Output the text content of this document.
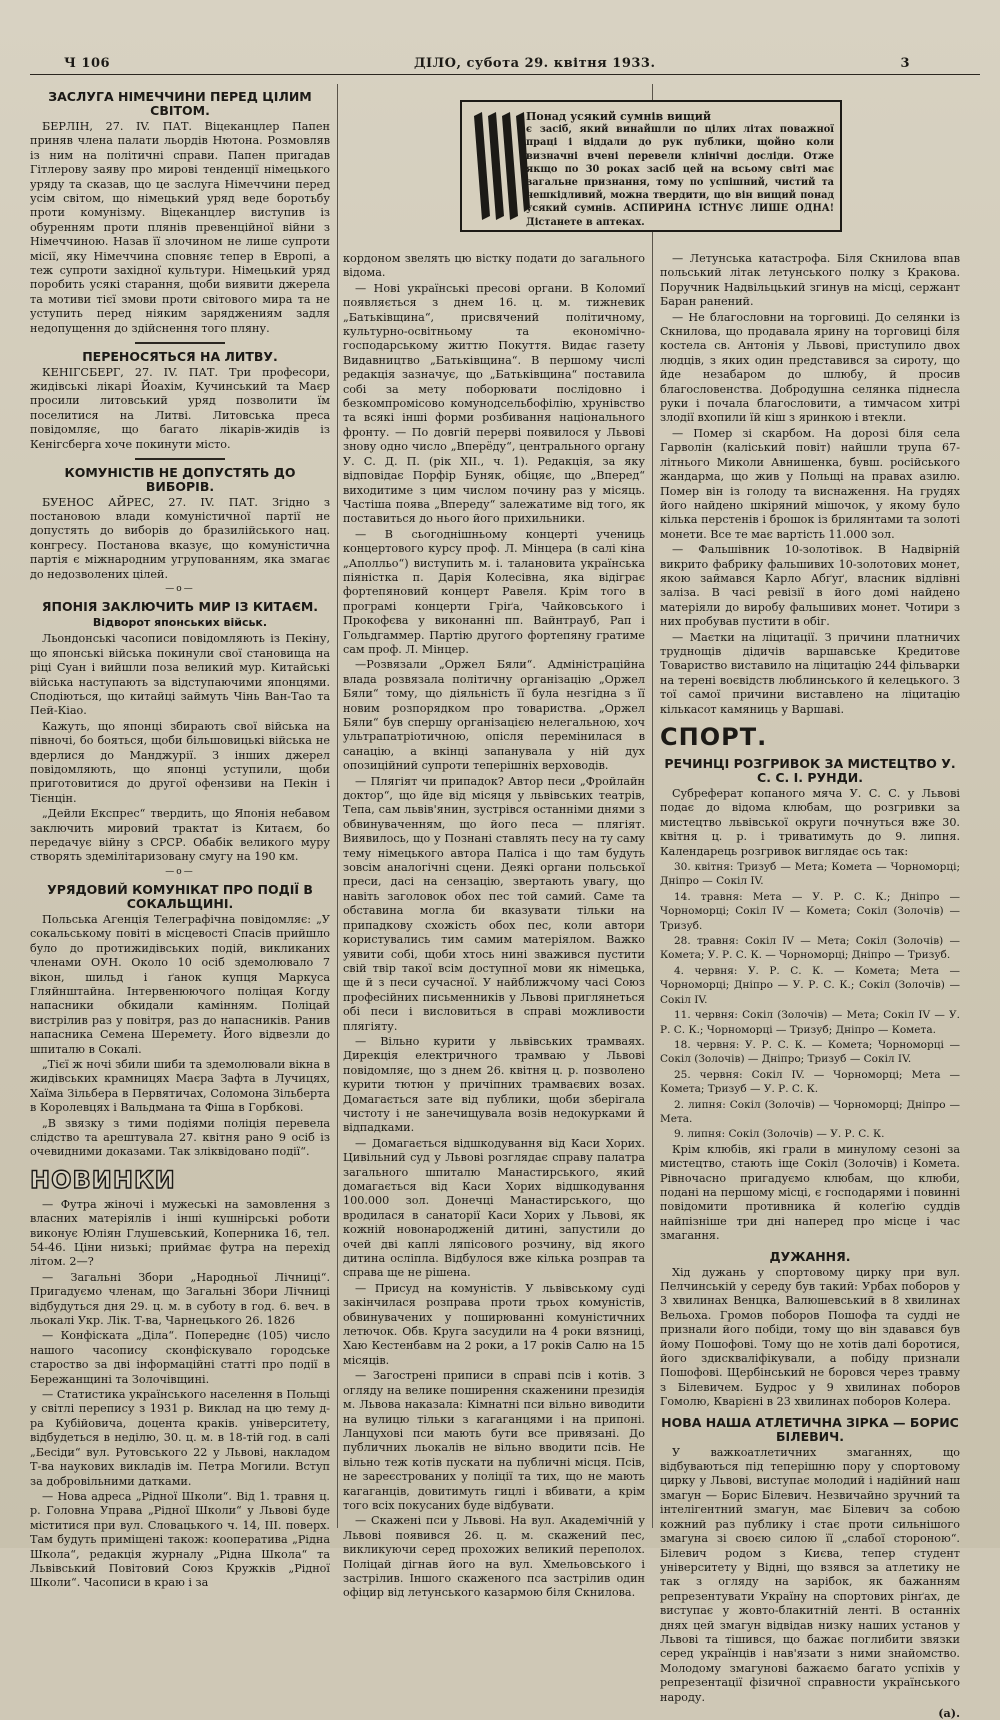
Ч 106	ДІЛО, субота 29. квітня 1933.	3
ЗАСЛУГА НІМЕЧЧИНИ ПЕРЕД ЦІЛИМ СВІТОМ.

БЕРЛІН, 27. IV. ПАТ. Віцеканцлер Папен приняв члена палати льордів Нютона. Розмовляв із ним на політичні справи. Папен пригадав Гітлерову заяву про мирові тенденції німецького уряду та сказав, що це заслуга Німеччини перед усім світом, що німецький уряд веде боротьбу проти комунізму. Віцеканцлер виступив із обуренням проти плянів превенційної війни з Німеччиною. Назав її злочином не лише супроти місії, яку Німеччина сповняє тепер в Европі, а теж супроти західної культури. Німецький уряд поробить усякі старання, щоби виявити джерела та мотиви тієї змови проти світового мира та не уступить перед ніяким заряджениям задля недопущення до здійснення того пляну.

ПЕРЕНОСЯТЬСЯ НА ЛИТВУ.

КЕНІГСБЕРГ, 27. IV. ПАТ. Три професори, жидівські лікарі Йоахім, Кучинський та Маєр просили литовський уряд позволити їм поселитися на Литві. Литовська преса повідомляє, що багато лікарів-жидів із Кенігсберга хоче покинути місто.

КОМУНІСТІВ НЕ ДОПУСТЯТЬ ДО ВИБОРІВ.

БУЕНОС АЙРЕС, 27. IV. ПАТ. Згідно з постановою влади комуністичної партії не допустять до виборів до бразилійського нац. конгресу. Постанова вказує, що комуністична партія є міжнародним угрупованням, яка змагає до недозволених цілей.

—o—
ЯПОНІЯ ЗАКЛЮЧИТЬ МИР ІЗ КИТАЄМ.
Відворот японських військ.

Льондонські часописи повідомляють із Пекіну, що японські війська покинули свої становища на ріці Суан і вийшли поза великий мур. Китайські війська наступають за відступаючими японцями. Сподіються, що китайці займуть Чінь Ван-Тао та Пей-Кіао.

Кажуть, що японці збирають свої війська на півночі, бо бояться, щоби більшовицькі війська не вдерлися до Манджурії. З інших джерел повідомляють, що японці уступили, щоби приготовитися до другої офензиви на Пекін і Тієнцін.

„Дейли Експрес“ твердить, що Японія небавом заключить мировий трактат із Китаєм, бо передачує війну з СРСР. Обабік великого муру створять здемілітаризовану смугу на 190 км.

—o—
УРЯДОВИЙ КОМУНІКАТ ПРО ПОДІЇ В СОКАЛЬЩИНІ.

Польська Агенція Телеграфічна повідомляє: „У сокальському повіті в місцевості Спасів прийшло було до протижидівських подій, викликаних членами ОУН. Около 10 осіб здемолювало 7 вікон, шильд і ґанок купця Маркуса Гляйнштайна. Інтервенюючого поліцая Когду напасники обкидали камінням. Поліцай вистрілив раз у повітря, раз до напасників. Ранив напасника Семена Шеремету. Його відвезли до шпиталю в Сокалі.

„Тієї ж ночі збили шиби та здемолювали вікна в жидівських крамницях Маєра Зафта в Лучицях, Хаїма Зільбера в Первятичах, Соломона Зільберта в Королевцях і Вальдмана та Фіша в Горбкові.

„В звязку з тими подіями поліція перевела слідство та арештувала 27. квітня рано 9 осіб із очевидними доказами. Так зліквідовано події“.

НОВИНКИ

— Футра жіночі і мужеські на замовлення з власних матеріялів і інші кушнірські роботи виконує Юліян Глушевський, Коперника 16, тел. 54-46. Ціни низькі; приймає футра на перехід літом. 2—?

— Загальні Збори „Народньої Лічниці“. Пригадуємо членам, що Загальні Збори Лічниці відбудуться дня 29. ц. м. в суботу в год. 6. веч. в льокалі Укр. Лік. Т-ва, Чарнецького 26. 1826

— Конфіската „Діла“. Попереднє (105) число нашого часопису сконфіскувало городське староство за дві інформаційні статті про події в Бережанщині та Золочівщині.

— Статистика українського населення в Польщі у світлі перепису з 1931 р. Виклад на цю тему д-ра Кубійовича, доцента краків. університету, відбудеться в неділю, 30. ц. м. в 18-тій год. в салі „Бесіди“ вул. Рутовського 22 у Львові, накладом Т-ва наукових викладів ім. Петра Могили. Вступ за добровільними датками.

— Нова адреса „Рідної Школи“. Від 1. травня ц. р. Головна Управа „Рідної Школи“ у Львові буде міститися при вул. Словацького ч. 14, III. поверх. Там будуть приміщені також: кооператива „Рідна Школа“, редакція журналу „Рідна Школа“ та Львівський Повітовий Союз Кружків „Рідної Школи“. Часописи в краю і за

Понад усякий сумнів вищий
є засіб, який винайшли по цілих літах поважної праці і віддали до рук публики, щойно коли визначні вчені перевели клінічні досліди. Отже якщо по 30 роках засіб цей на всьому світі має загальне признання, тому по успішний, чистий та нешкідливий, можна твердити, що він вищий понад усякий сумнів. АСПИРИНА ІСТНУЄ ЛИШЕ ОДНА! Дістанете в аптеках.

кордоном звелять цю вістку подати до загального відома.

— Нові українські пресові органи. В Коломиї появляється з днем 16. ц. м. тижневик „Батьківщина“, присвячений політичному, культурно-освітньому та економічно-господарському життю Покуття. Видає газету Видавництво „Батьківщина“. В першому числі редакція зазначує, що „Батьківщина“ поставила собі за мету поборювати послідовно і безкомпромісово комунодсельбофілію, хрунівство та всякі інші форми розбивання національного фронту. — По довгій перерві появилося у Львові знову одно число „Вперёду“, центрального органу У. С. Д. П. (рік XII., ч. 1). Редакція, за яку відповідає Порфір Буняк, обіцяє, що „Вперед“ виходитиме з цим числом почину раз у місяць. Частіша поява „Впереду“ залежатиме від того, як поставиться до нього його прихильники.

— В сьогоднішньому концерті учениць концертового курсу проф. Л. Мінцера (в салі кіна „Аполльо“) виступить м. і. талановита українська піяністка п. Дарія Колесівна, яка відіграє фортепяновий концерт Равеля. Крім того в програмі концерти Гріґа, Чайковського і Прокофєва у виконанні пп. Вайнтрауб, Рап і Гольдгаммер. Партію другого фортепяну гратиме сам проф. Л. Мінцер.

—Розвязали „Оржел Бяли“. Адміністраційна влада розвязала політичну організацію „Оржел Бяли“ тому, що діяльність її була незгідна з її новим розпорядком про товариства. „Оржел Бяли“ був спершу організацією нелегальною, хоч ультрапатріотичною, опісля перемінилася в санацію, а вкінці запанувала у ній дух опозиційний супроти теперішніх верховодів.

— Плягіят чи припадок? Автор песи „Фройлайн доктор“, що йде від місяця у львівських театрів, Тепа, сам львів'янин, зустрівся останніми днями з обвинуваченням, що його песа — плягіят. Виявилось, що у Познані ставлять песу на ту саму тему німецького автора Паліса і що там будуть зовсім аналогічні сцени. Деякі органи польської преси, дасі на сензацію, звертають увагу, що навіть заголовок обох пес той самий. Саме та обставина могла би вказувати тільки на припадкову схожість обох пес, коли автори користувались тим самим матеріялом. Важко уявити собі, щоби хтось нині зважився пустити свій твір такої всім доступної мови як німецька, ще й з песи сучасної. У найближчому часі Союз професійних письменників у Львові приглянеться обі песи і висловиться в справі можливости плягіяту.

— Вільно курити у львівських трамваях. Дирекція електричного трамваю у Львові повідомляє, що з днем 26. квітня ц. р. позволено курити тютюн у причіпних трамваєвих возах. Домагається зате від публики, щоби зберігала чистоту і не занечищувала возів недокурками й відпадками.

— Домагається відшкодування від Каси Хорих. Цивільний суд у Львові розглядає справу палатра загального шпиталю Манастирського, який домагається від Каси Хорих відшкодування 100.000 зол. Донечці Манастирського, що вродилася в санаторії Каси Хорих у Львові, як кожній новонародженій дитині, запустили до очей дві каплі ляпісового розчину, від якого дитина осліпла. Відбулося вже кілька розправ та справа ще не рішена.

— Присуд на комуністів. У львівському суді закінчилася розправа проти трьох комуністів, обвинувачених у поширюванні комуністичних летючок. Обв. Круга засудили на 4 роки вязниці, Хаю Кестенбавм на 2 роки, а 17 років Салю на 15 місяців.

— Загострені приписи в справі псів і котів. З огляду на велике поширення скаженини президія м. Львова наказала: Кімнатні пси вільно виводити на вулицю тільки з кагаганцями і на припоні. Ланцухові пси мають бути все привязані. До публичних льокалів не вільно вводити псів. Не вільно теж котів пускати на публичні місця. Псів, не зареєстрованих у поліції та тих, що не мають кагаганців, довитимуть гицлі і вбивати, а крім того всіх покусаних буде відбувати.

— Скажені пси у Львові. На вул. Академічній у Львові появився 26. ц. м. скажений пес, викликуючи серед прохожих великий переполох. Поліцай дігнав його на вул. Хмельовського і застрілив. Іншого скаженого пса застрілив один офіцир від летунського казармою біля Скнилова.

— Летунська катастрофа. Біля Скнилова впав польський літак летунського полку з Кракова. Поручник Надвільцький згинув на місці, сержант Баран ранений.

— Не благословни на торговиці. До селянки із Скнилова, що продавала ярину на торговиці біля костела св. Антонія у Львові, приступило двох людців, з яких один представився за сироту, що йде незабаром до шлюбу, й просив благословенства. Добродушна селянка піднесла руки і почала благословити, а тимчасом хитрі злодії вхопили їй кіш з яринкою і втекли.

— Помер зі скарбом. На дорозі біля села Гарволін (каліський повіт) найшли трупа 67-літнього Миколи Авнишенка, бувш. російського жандарма, що жив у Польщі на правах азилю. Помер він із голоду та виснаження. На грудях його найдено шкіряний мішочок, у якому було кілька перстенів і брошок із брилянтами та золоті монети. Все те має вартість 11.000 зол.

— Фальшівник 10-золотівок. В Надвірній викрито фабрику фальшивих 10-золотових монет, якою займався Карло Абґуґ, власник відлівні заліза. В часі ревізії в його домі найдено матеріяли до виробу фальшивих монет. Чотири з них пробував пустити в обіг.

— Маєтки на ліцитації. З причини платничих труднощів дідичів варшавське Кредитове Товариство виставило на ліцитацію 244 фільварки на терені воєвідств люблинського й келецького. З тої самої причини виставлено на ліцитацію кількасот камяниць у Варшаві.

СПОРТ.
РЕЧИНЦІ РОЗГРИВОК ЗА МИСТЕЦТВО У. С. С. І. РУНДИ.

Субреферат копаного мяча У. С. С. у Львові подає до відома клюбам, що розгривки за мистецтво львівської округи почнуться вже 30. квітня ц. р. і триватимуть до 9. липня. Календарець розгривок виглядає ось так:

30. квітня: Тризуб — Мета; Комета — Чорноморці; Дніпро — Сокіл IV.

14. травня: Мета — У. Р. С. К.; Дніпро — Чорноморці; Сокіл IV — Комета; Сокіл (Золочів) — Тризуб.

28. травня: Сокіл IV — Мета; Сокіл (Золочів) — Комета; У. Р. С. К. — Чорноморці; Дніпро — Тризуб.

4. червня: У. Р. С. К. — Комета; Мета — Чорноморці; Дніпро — У. Р. С. К.; Сокіл (Золочів) — Сокіл IV.

11. червня: Сокіл (Золочів) — Мета; Сокіл IV — У. Р. С. К.; Чорноморці — Тризуб; Дніпро — Комета.

18. червня: У. Р. С. К. — Комета; Чорноморці — Сокіл (Золочів) — Дніпро; Тризуб — Сокіл IV.

25. червня: Сокіл IV. — Чорноморці; Мета — Комета; Тризуб — У. Р. С. К.

2. липня: Сокіл (Золочів) — Чорноморці; Дніпро — Мета.

9. липня: Сокіл (Золочів) — У. Р. С. К.

Крім клюбів, які грали в минулому сезоні за мистецтво, стають іще Сокіл (Золочів) і Комета. Рівночасно пригадуємо клюбам, що клюби, подані на першому місці, є господарями і повинні повідомити противника й колеґію суддів найпізніше три дні наперед про місце і час змагання.

ДУЖАННЯ.

Хід дужань у спортовому цирку при вул. Пелчинській у середу був такий: Урбах поборов у 3 хвилинах Венцка, Валюшевський в 8 хвилинах Вельоха. Громов поборов Пошофа та судді не признали його побіди, тому що він здавався був йому Пошофові. Тому що не хотів далі боротися, його здискваліфікували, а побіду признали Пошофові. Щербінський не боровся через травму з Білевичем. Будрос у 9 хвилинах поборов Гомолю, Кварієні в 23 хвилинах поборов Колера.

НОВА НАША АТЛЕТИЧНА ЗІРКА — БОРИС БІЛЕВИЧ.

У важкоатлетичних змаганнях, що відбуваються під теперішню пору у спортовому цирку у Львові, виступає молодий і надійний наш змагун — Борис Білевич. Незвичайно зручний та інтелігентний змагун, має Білевич за собою кожний раз публику і стає проти сильнішого змагуна зі своєю силою її „слабої стороною“. Білевич родом з Києва, тепер студент університету у Відні, що взявся за атлетику не так з огляду на зарібок, як бажанням репрезентувати Україну на спортових рінґах, де виступає у жовто-блакитній ленті. В останніх днях цей змагун відвідав низку наших установ у Львові та тішився, що бажає поглибити звязки серед українців і нав'язати з ними знайомство. Молодому змагунові бажаємо багато успіхів у репрезентації фізичної справности українського народу.

(а).
